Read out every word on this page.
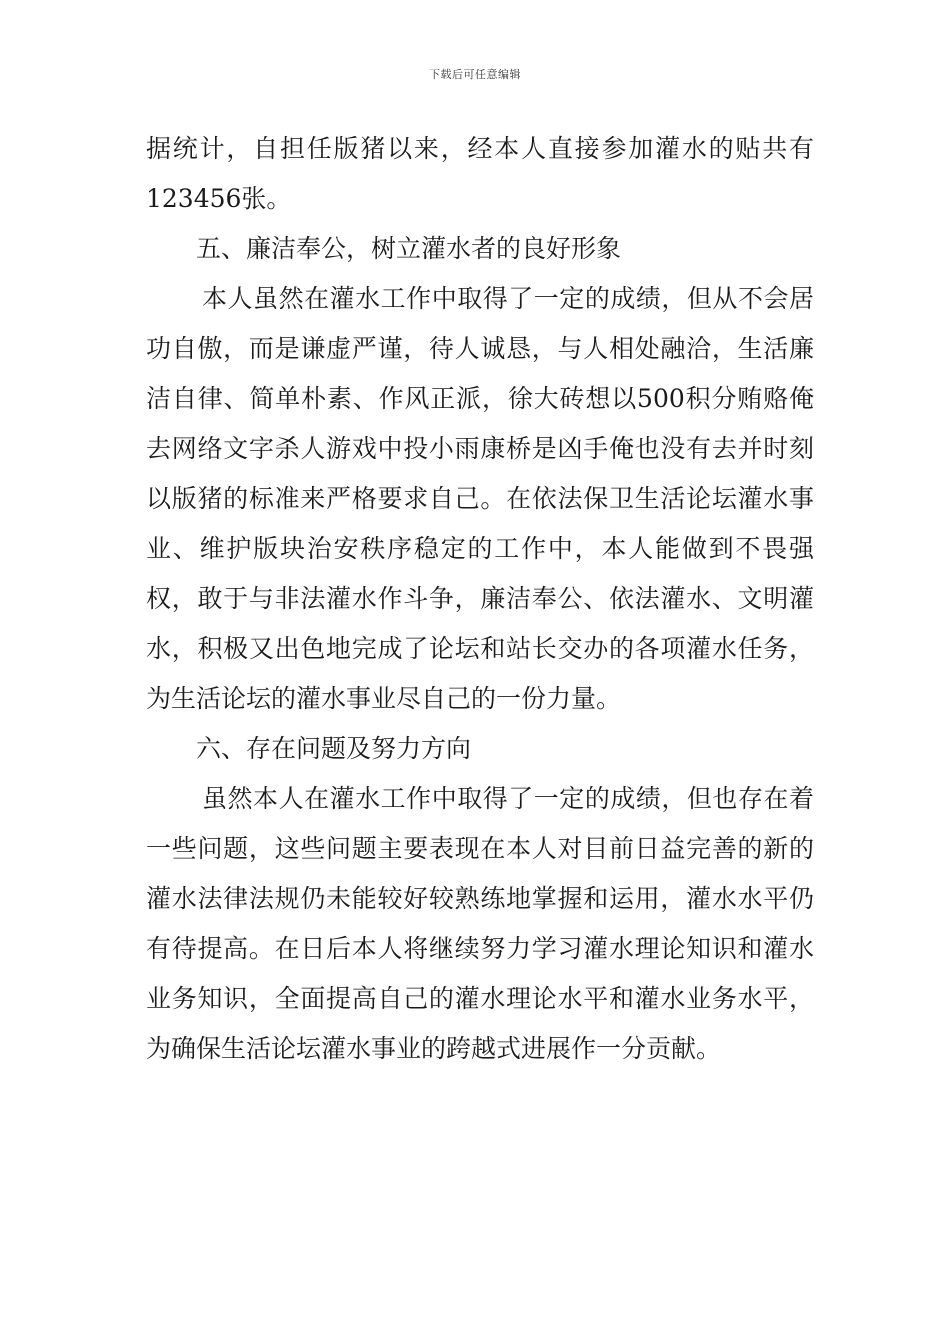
下载后可任意编辑

据统计，自担任版猪以来，经本人直接参加灌水的贴共有123456张。

五、廉洁奉公，树立灌水者的良好形象

本人虽然在灌水工作中取得了一定的成绩，但从不会居功自傲，而是谦虚严谨，待人诚恳，与人相处融洽，生活廉洁自律、简单朴素、作风正派，徐大砖想以500积分贿赂俺去网络文字杀人游戏中投小雨康桥是凶手俺也没有去并时刻以版猪的标准来严格要求自己。在依法保卫生活论坛灌水事业、维护版块治安秩序稳定的工作中，本人能做到不畏强权，敢于与非法灌水作斗争，廉洁奉公、依法灌水、文明灌水，积极又出色地完成了论坛和站长交办的各项灌水任务，为生活论坛的灌水事业尽自己的一份力量。

六、存在问题及努力方向

虽然本人在灌水工作中取得了一定的成绩，但也存在着一些问题，这些问题主要表现在本人对目前日益完善的新的灌水法律法规仍未能较好较熟练地掌握和运用，灌水水平仍有待提高。在日后本人将继续努力学习灌水理论知识和灌水业务知识，全面提高自己的灌水理论水平和灌水业务水平，为确保生活论坛灌水事业的跨越式进展作一分贡献。
